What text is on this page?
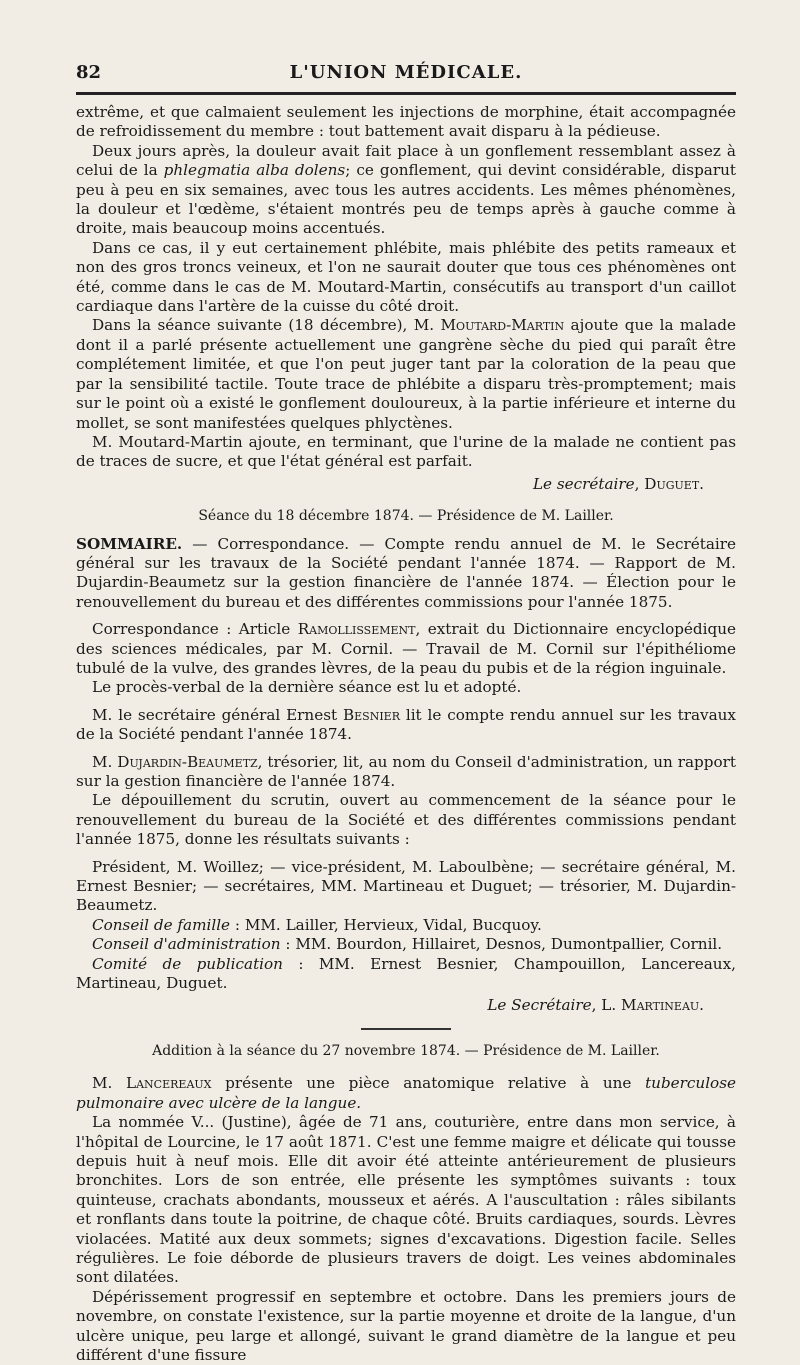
82	L'UNION MÉDICALE.

extrême, et que calmaient seulement les injections de morphine, était accompagnée de refroidissement du membre : tout battement avait disparu à la pédieuse.

Deux jours après, la douleur avait fait place à un gonflement ressemblant assez à celui de la phlegmatia alba dolens; ce gonflement, qui devint considérable, disparut peu à peu en six semaines, avec tous les autres accidents. Les mêmes phénomènes, la douleur et l'œdème, s'étaient montrés peu de temps après à gauche comme à droite, mais beaucoup moins accentués.

Dans ce cas, il y eut certainement phlébite, mais phlébite des petits rameaux et non des gros troncs veineux, et l'on ne saurait douter que tous ces phénomènes ont été, comme dans le cas de M. Moutard-Martin, consécutifs au transport d'un caillot cardiaque dans l'artère de la cuisse du côté droit.

Dans la séance suivante (18 décembre), M. Moutard-Martin ajoute que la malade dont il a parlé présente actuellement une gangrène sèche du pied qui paraît être complétement limitée, et que l'on peut juger tant par la coloration de la peau que par la sensibilité tactile. Toute trace de phlébite a disparu très-promptement; mais sur le point où a existé le gonflement douloureux, à la partie inférieure et interne du mollet, se sont manifestées quelques phlyctènes.

M. Moutard-Martin ajoute, en terminant, que l'urine de la malade ne contient pas de traces de sucre, et que l'état général est parfait.

Le secrétaire, Duguet.

Séance du 18 décembre 1874. — Présidence de M. Lailler.

SOMMAIRE. — Correspondance. — Compte rendu annuel de M. le Secrétaire général sur les travaux de la Société pendant l'année 1874. — Rapport de M. Dujardin-Beaumetz sur la gestion financière de l'année 1874. — Élection pour le renouvellement du bureau et des différentes commissions pour l'année 1875.

Correspondance : Article Ramollissement, extrait du Dictionnaire encyclopédique des sciences médicales, par M. Cornil. — Travail de M. Cornil sur l'épithéliome tubulé de la vulve, des grandes lèvres, de la peau du pubis et de la région inguinale.

Le procès-verbal de la dernière séance est lu et adopté.

M. le secrétaire général Ernest Besnier lit le compte rendu annuel sur les travaux de la Société pendant l'année 1874.

M. Dujardin-Beaumetz, trésorier, lit, au nom du Conseil d'administration, un rapport sur la gestion financière de l'année 1874.

Le dépouillement du scrutin, ouvert au commencement de la séance pour le renouvellement du bureau de la Société et des différentes commissions pendant l'année 1875, donne les résultats suivants :

Président, M. Woillez; — vice-président, M. Laboulbène; — secrétaire général, M. Ernest Besnier; — secrétaires, MM. Martineau et Duguet; — trésorier, M. Dujardin-Beaumetz.

Conseil de famille : MM. Lailler, Hervieux, Vidal, Bucquoy.

Conseil d'administration : MM. Bourdon, Hillairet, Desnos, Dumontpallier, Cornil.

Comité de publication : MM. Ernest Besnier, Champouillon, Lancereaux, Martineau, Duguet.

Le Secrétaire, L. Martineau.

Addition à la séance du 27 novembre 1874. — Présidence de M. Lailler.

M. Lancereaux présente une pièce anatomique relative à une tuberculose pulmonaire avec ulcère de la langue.

La nommée V... (Justine), âgée de 71 ans, couturière, entre dans mon service, à l'hôpital de Lourcine, le 17 août 1871. C'est une femme maigre et délicate qui tousse depuis huit à neuf mois. Elle dit avoir été atteinte antérieurement de plusieurs bronchites. Lors de son entrée, elle présente les symptômes suivants : toux quinteuse, crachats abondants, mousseux et aérés. A l'auscultation : râles sibilants et ronflants dans toute la poitrine, de chaque côté. Bruits cardiaques, sourds. Lèvres violacées. Matité aux deux sommets; signes d'excavations. Digestion facile. Selles régulières. Le foie déborde de plusieurs travers de doigt. Les veines abdominales sont dilatées.

Dépérissement progressif en septembre et octobre. Dans les premiers jours de novembre, on constate l'existence, sur la partie moyenne et droite de la langue, d'un ulcère unique, peu large et allongé, suivant le grand diamètre de la langue et peu différent d'une fissure
